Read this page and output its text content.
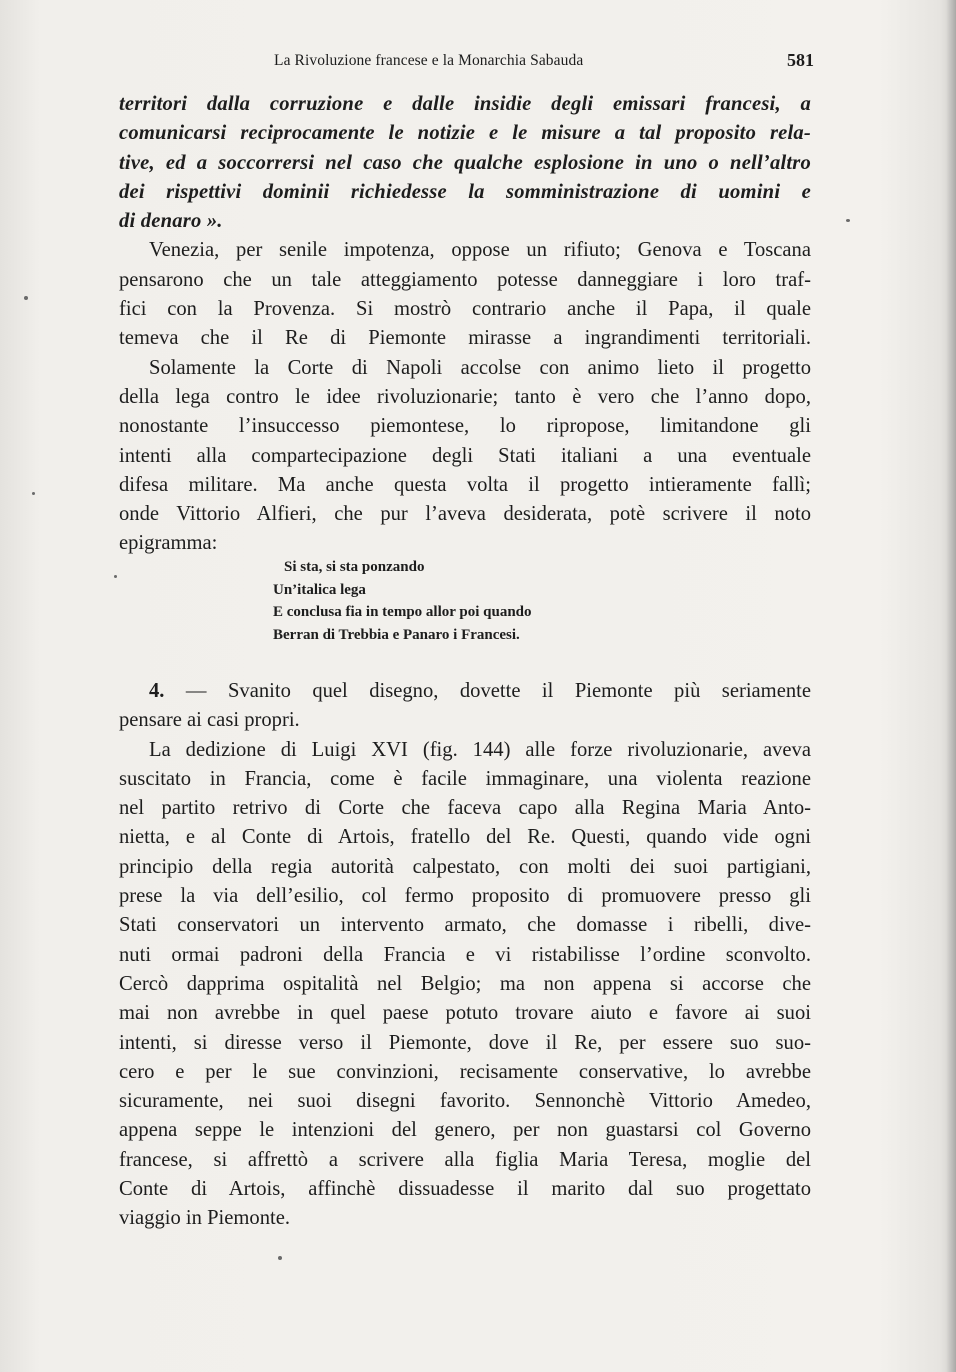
La Rivoluzione francese e la Monarchia Sabauda	581
territori dalla corruzione e dalle insidie degli emissari francesi, a
comunicarsi reciprocamente le notizie e le misure a tal proposito rela-
tive, ed a soccorrersi nel caso che qualche esplosione in uno o nell’altro
dei rispettivi dominii richiedesse la somministrazione di uomini e
di denaro ».
Venezia, per senile impotenza, oppose un rifiuto; Genova e Toscana
pensarono che un tale atteggiamento potesse danneggiare i loro traf-
fici con la Provenza. Si mostrò contrario anche il Papa, il quale
temeva che il Re di Piemonte mirasse a ingrandimenti territoriali.
Solamente la Corte di Napoli accolse con animo lieto il progetto
della lega contro le idee rivoluzionarie; tanto è vero che l’anno dopo,
nonostante l’insuccesso piemontese, lo ripropose, limitandone gli
intenti alla compartecipazione degli Stati italiani a una eventuale
difesa militare. Ma anche questa volta il progetto intieramente fallì;
onde Vittorio Alfieri, che pur l’aveva desiderata, potè scrivere il noto
epigramma:
Si sta, si sta ponzando
Un’italica lega
E conclusa fia in tempo allor poi quando
Berran di Trebbia e Panaro i Francesi.
4. — Svanito quel disegno, dovette il Piemonte più seriamente
pensare ai casi propri.
La dedizione di Luigi XVI (fig. 144) alle forze rivoluzionarie, aveva
suscitato in Francia, come è facile immaginare, una violenta reazione
nel partito retrivo di Corte che faceva capo alla Regina Maria Anto-
nietta, e al Conte di Artois, fratello del Re. Questi, quando vide ogni
principio della regia autorità calpestato, con molti dei suoi partigiani,
prese la via dell’esilio, col fermo proposito di promuovere presso gli
Stati conservatori un intervento armato, che domasse i ribelli, dive-
nuti ormai padroni della Francia e vi ristabilisse l’ordine sconvolto.
Cercò dapprima ospitalità nel Belgio; ma non appena si accorse che
mai non avrebbe in quel paese potuto trovare aiuto e favore ai suoi
intenti, si diresse verso il Piemonte, dove il Re, per essere suo suo-
cero e per le sue convinzioni, recisamente conservative, lo avrebbe
sicuramente, nei suoi disegni favorito. Sennonchè Vittorio Amedeo,
appena seppe le intenzioni del genero, per non guastarsi col Governo
francese, si affrettò a scrivere alla figlia Maria Teresa, moglie del
Conte di Artois, affinchè dissuadesse il marito dal suo progettato
viaggio in Piemonte.
